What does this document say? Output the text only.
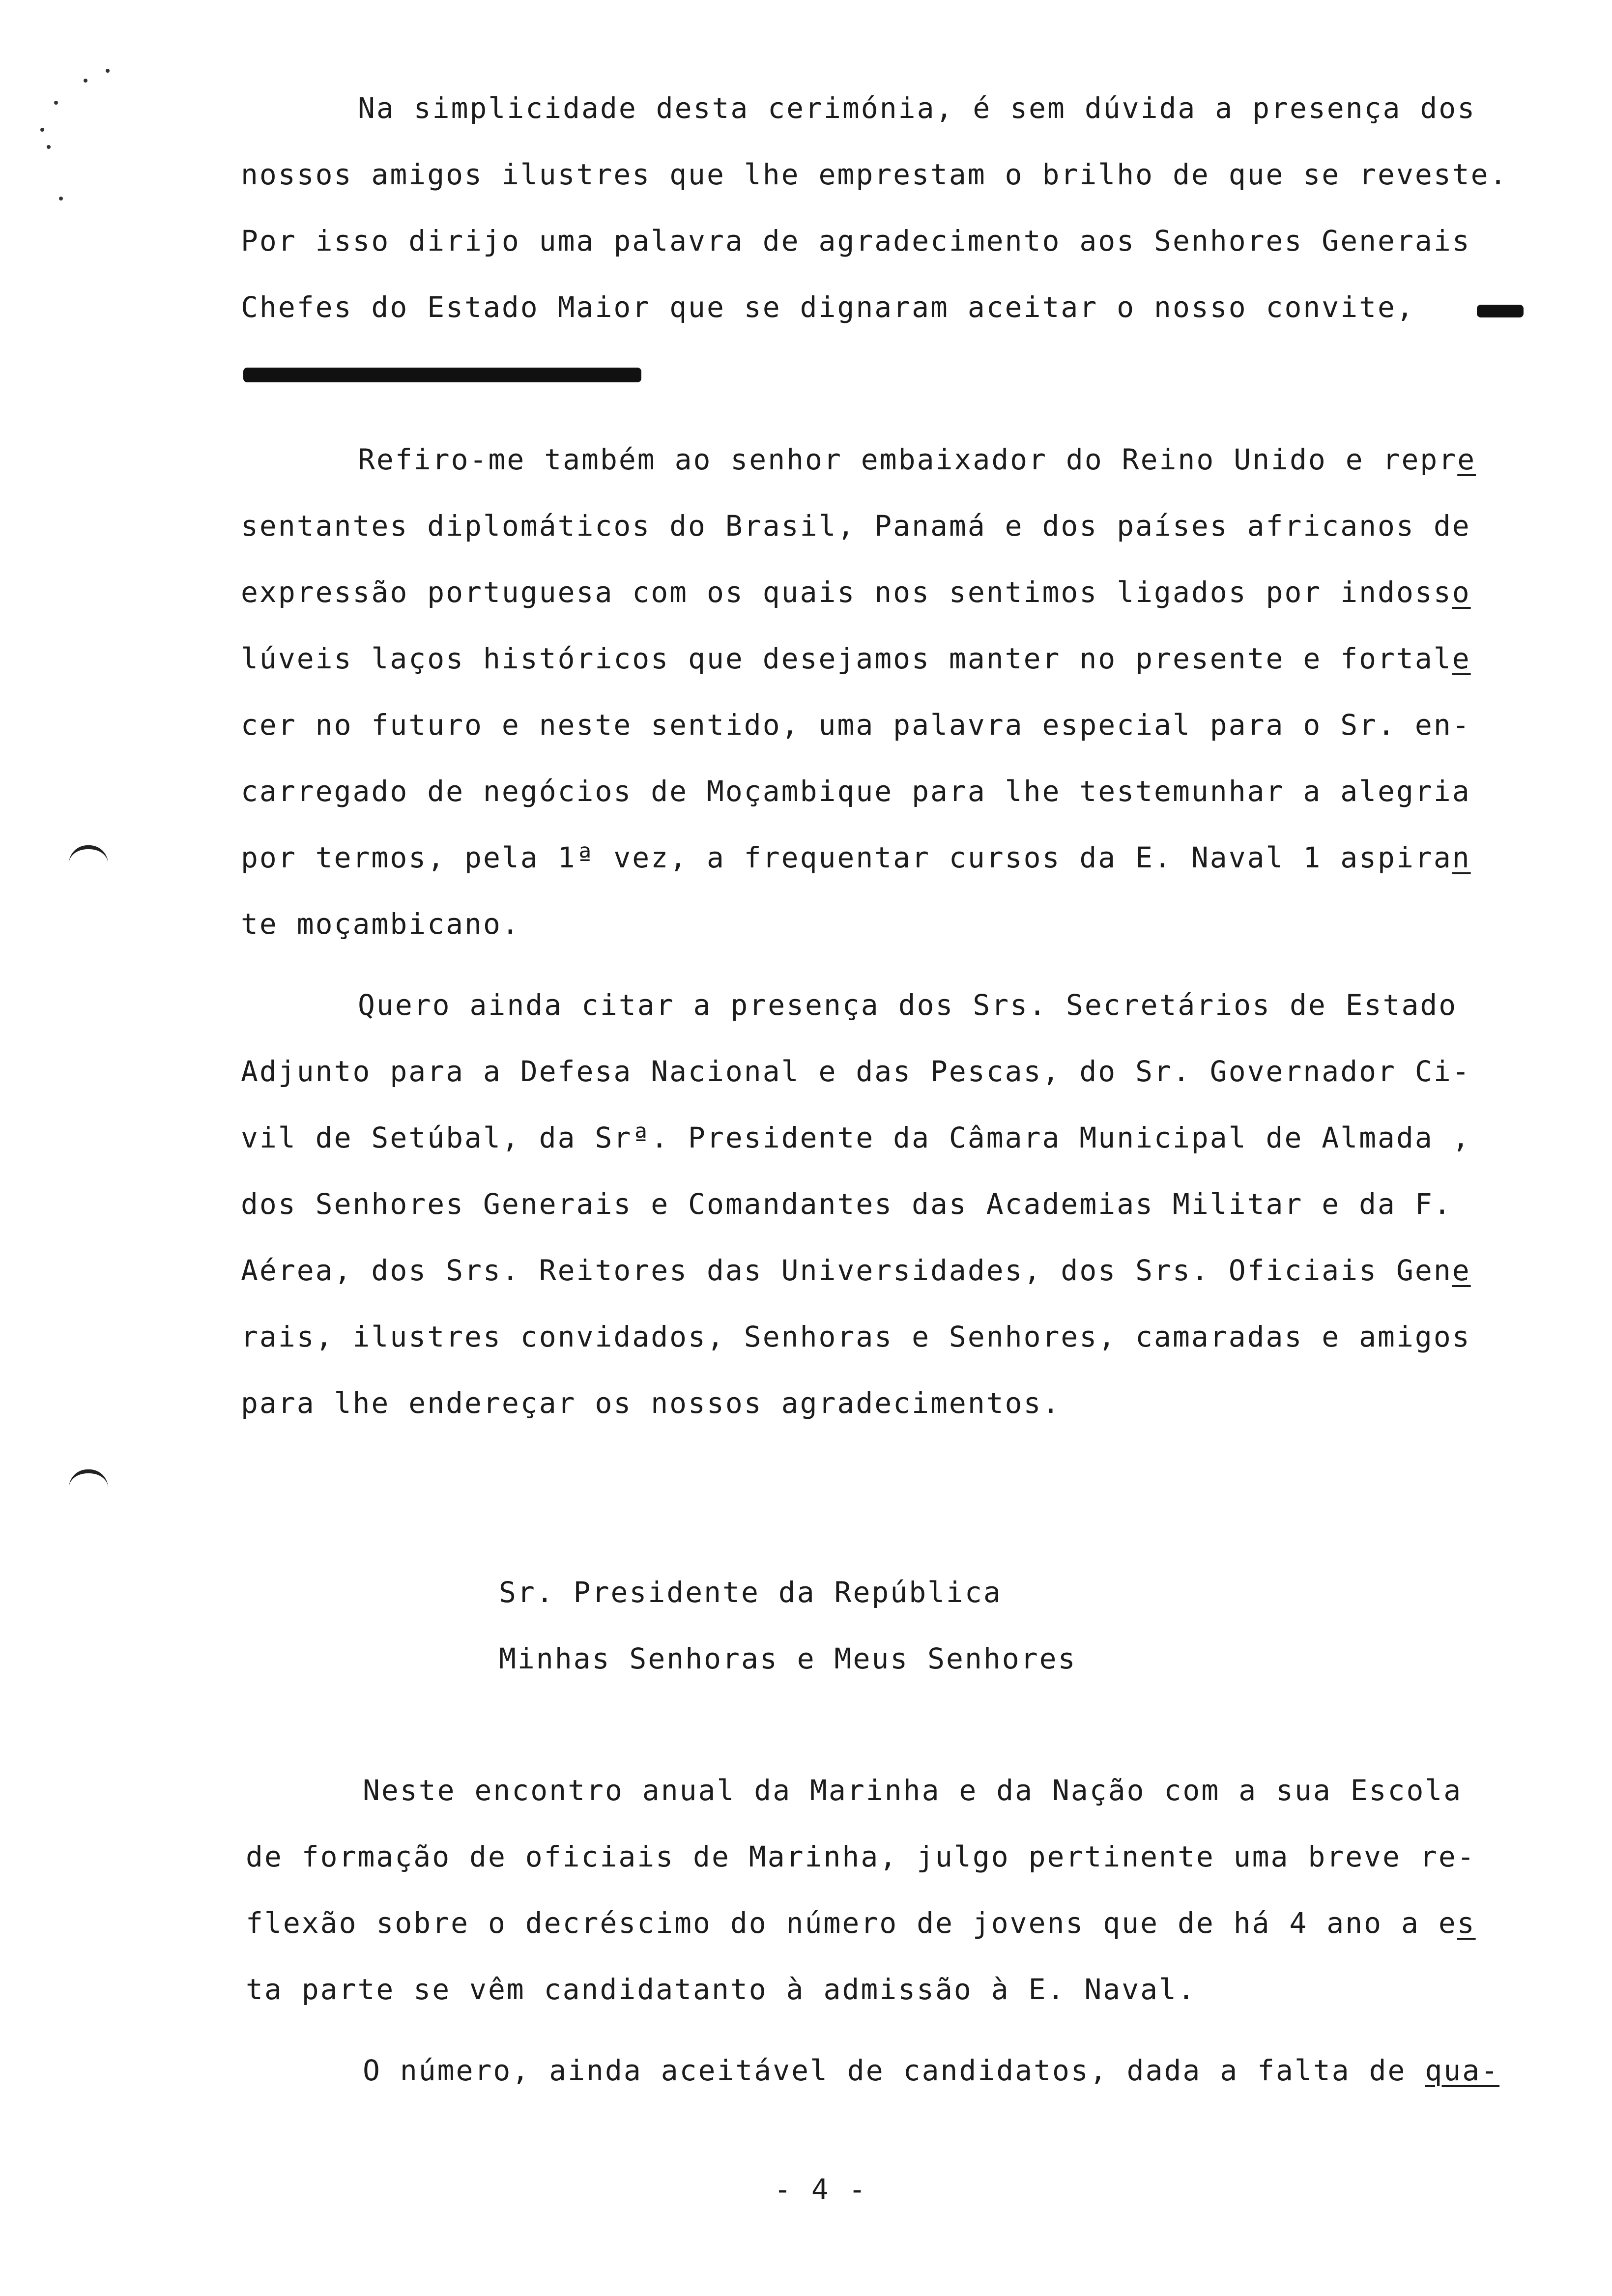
Na simplicidade desta cerimónia, é sem dúvida a presença dos
nossos amigos ilustres que lhe emprestam o brilho de que se reveste.
Por isso dirijo uma palavra de agradecimento aos Senhores Generais
Chefes do Estado Maior que se dignaram aceitar o nosso convite,
Refiro-me também ao senhor embaixador do Reino Unido e repre
sentantes diplomáticos do Brasil, Panamá e dos países africanos de
expressão portuguesa com os quais nos sentimos ligados por indosso
lúveis laços históricos que desejamos manter no presente e fortale
cer no futuro e neste sentido, uma palavra especial para o Sr. en-
carregado de negócios de Moçambique para lhe testemunhar a alegria
por termos, pela 1ª vez, a frequentar cursos da E. Naval 1 aspiran
te moçambicano.
Quero ainda citar a presença dos Srs. Secretários de Estado
Adjunto para a Defesa Nacional e das Pescas, do Sr. Governador Ci-
vil de Setúbal, da Srª. Presidente da Câmara Municipal de Almada ,
dos Senhores Generais e Comandantes das Academias Militar e da F.
Aérea, dos Srs. Reitores das Universidades, dos Srs. Oficiais Gene
rais, ilustres convidados, Senhoras e Senhores, camaradas e amigos
para lhe endereçar os nossos agradecimentos.
Sr. Presidente da República
Minhas Senhoras e Meus Senhores
Neste encontro anual da Marinha e da Nação com a sua Escola
de formação de oficiais de Marinha, julgo pertinente uma breve re-
flexão sobre o decréscimo do número de jovens que de há 4 ano a es
ta parte se vêm candidatanto à admissão à E. Naval.
O número, ainda aceitável de candidatos, dada a falta de qua-
- 4 -
